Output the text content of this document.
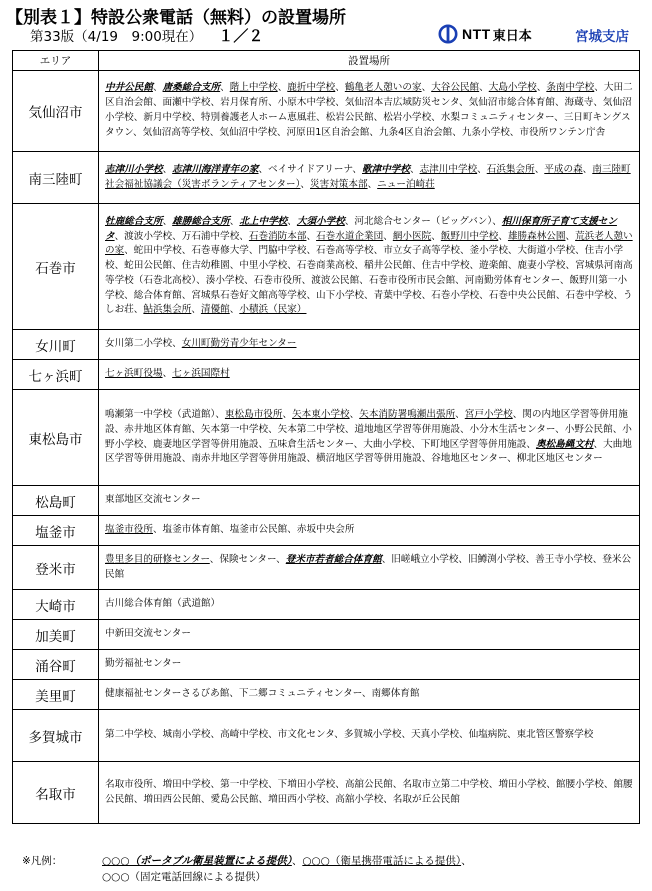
【別表１】特設公衆電話（無料）の設置場所
第33版（4/19　9:00現在） １／２	NTT 東日本	宮城支店
エリア	設置場所
気仙沼市	中井公民館、唐桑総合支所、階上中学校、鹿折中学校、鶴亀老人憩いの家、大谷公民館、大島小学校、条南中学校、大田二区自治会館、面瀬中学校、岩月保育所、小原木中学校、気仙沼本吉広域防災センタ、気仙沼市総合体育館、海蔵寺、気仙沼小学校、新月中学校、特別養護老人ホーム恵風荘、松岩公民館、松岩小学校、水梨コミュニティセンター、三日町キングスタウン、気仙沼高等学校、気仙沼中学校、河原田1区自治会館、九条4区自治会館、九条小学校、市役所ワンテン庁舎
南三陸町	志津川小学校、志津川海洋青年の家、ベイサイドアリーナ、歌津中学校、志津川中学校、石浜集会所、平成の森、南三陸町社会福祉協議会（災害ボランティアセンター）、災害対策本部、ニュー泊崎荘
石巻市	牡鹿総合支所、雄勝総合支所、北上中学校、大須小学校、河北総合センター（ビッグバン）、相川保育所子育て支援センタ、渡波小学校、万石浦中学校、石巻消防本部、石巻水道企業団、網小医院、飯野川中学校、雄勝森林公園、荒浜老人憩いの家、蛇田中学校、石巻専修大学、門脇中学校、石巻高等学校、市立女子高等学校、釜小学校、大街道小学校、住吉小学校、蛇田公民館、住吉幼稚園、中里小学校、石巻商業高校、稲井公民館、住吉中学校、遊楽館、鹿妻小学校、宮城県河南高等学校（石巻北高校）、湊小学校、石巻市役所、渡波公民館、石巻市役所市民会館、河南勤労体育センター、飯野川第一小学校、総合体育館、宮城県石巻好文館高等学校、山下小学校、青葉中学校、石巻小学校、石巻中央公民館、石巻中学校、うしお荘、鮎浜集会所、清優館、小積浜（民家）
女川町	女川第二小学校、女川町勤労青少年センター
七ヶ浜町	七ヶ浜町役場、七ヶ浜国際村
東松島市	鳴瀬第一中学校（武道館）、東松島市役所、矢本東小学校、矢本消防署鳴瀬出張所、宮戸小学校、関の内地区学習等併用施設、赤井地区体育館、矢本第一中学校、矢本第二中学校、道地地区学習等併用施設、小分木生活センター、小野公民館、小野小学校、鹿妻地区学習等併用施設、五味倉生活センター、大曲小学校、下町地区学習等併用施設、奥松島縄文村、大曲地区学習等併用施設、南赤井地区学習等併用施設、横沼地区学習等併用施設、谷地地区センター、柳北区地区センター
松島町	東部地区交流センター
塩釜市	塩釜市役所、塩釜市体育館、塩釜市公民館、赤坂中央会所
登米市	豊里多目的研修センター、保険センター、登米市若者総合体育館、旧嵯峨立小学校、旧鱒渕小学校、善王寺小学校、登米公民館
大崎市	古川総合体育館（武道館）
加美町	中新田交流センター
涌谷町	勤労福祉センター
美里町	健康福祉センターさるびあ館、下二郷コミュニティセンター、南郷体育館
多賀城市	第二中学校、城南小学校、高崎中学校、市文化センタ、多賀城小学校、天真小学校、仙塩病院、東北管区警察学校
名取市	名取市役所、増田中学校、第一中学校、下増田小学校、高舘公民館、名取市立第二中学校、増田小学校、館腰小学校、館腰公民館、増田西公民館、愛島公民館、増田西小学校、高舘小学校、名取が丘公民館
※凡例：	○○○（ポータブル衛星装置による提供）、○○○（衛星携帯電話による提供）、
○○○（固定電話回線による提供）
